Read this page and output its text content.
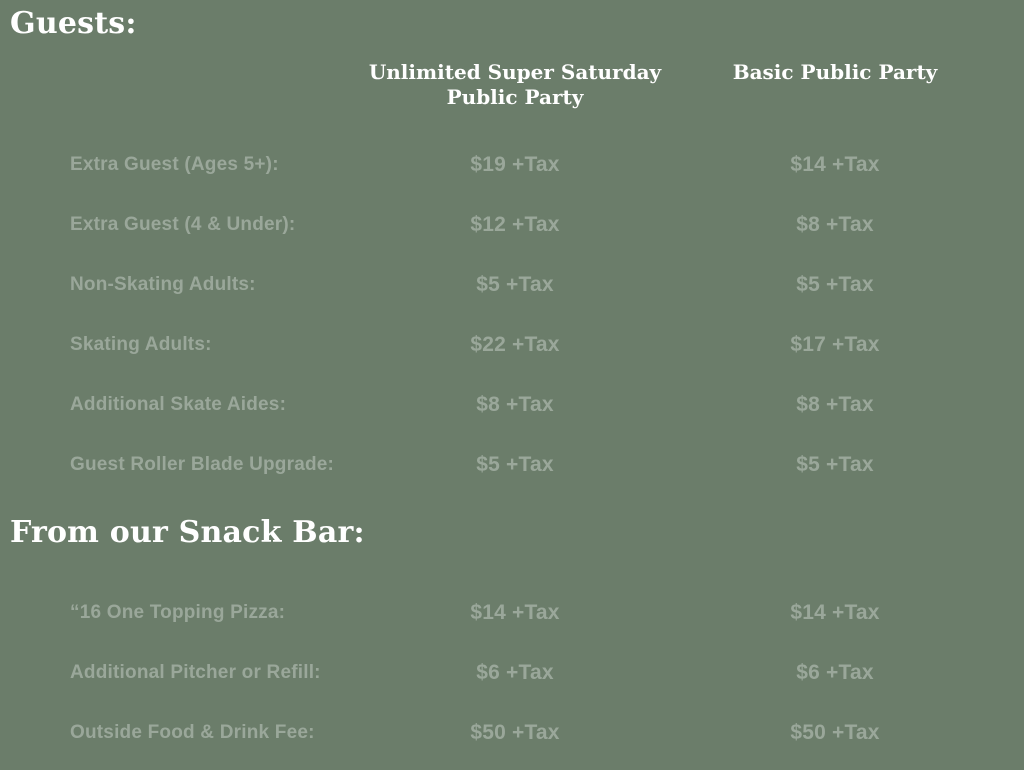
Guests:
Unlimited Super Saturday Public Party
Basic Public Party
Extra Guest (Ages 5+):	$19 +Tax	$14 +Tax
Extra Guest (4 & Under):	$12 +Tax	$8 +Tax
Non-Skating Adults:	$5 +Tax	$5 +Tax
Skating Adults:	$22 +Tax	$17 +Tax
Additional Skate Aides:	$8 +Tax	$8 +Tax
Guest Roller Blade Upgrade:	$5 +Tax	$5 +Tax
From our Snack Bar:
“16 One Topping Pizza:	$14 +Tax	$14 +Tax
Additional Pitcher or Refill:	$6 +Tax	$6 +Tax
Outside Food & Drink Fee:	$50 +Tax	$50 +Tax
